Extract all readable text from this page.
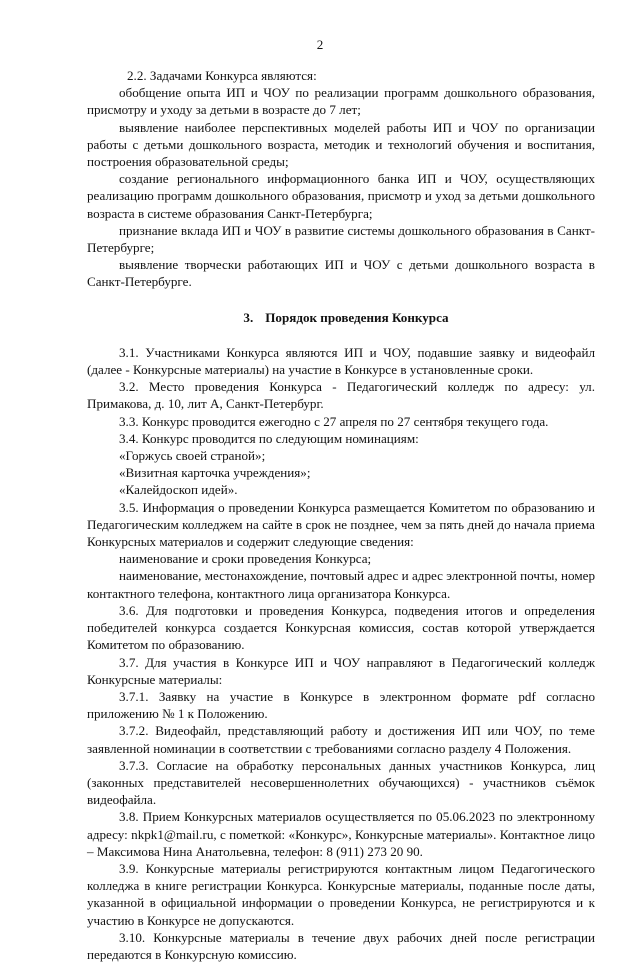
2

2.2. Задачами Конкурса являются:

обобщение опыта ИП и ЧОУ по реализации программ дошкольного образования, присмотру и уходу за детьми в возрасте до 7 лет;

выявление наиболее перспективных моделей работы ИП и ЧОУ по организации работы с детьми дошкольного возраста, методик и технологий обучения и воспитания, построения образовательной среды;

создание регионального информационного банка ИП и ЧОУ, осуществляющих реализацию программ дошкольного образования, присмотр и уход за детьми дошкольного возраста в системе образования Санкт-Петербурга;

признание вклада ИП и ЧОУ в развитие системы дошкольного образования в Санкт-Петербурге;

выявление творчески работающих ИП и ЧОУ с детьми дошкольного возраста в Санкт-Петербурге.

3. Порядок проведения Конкурса

3.1. Участниками Конкурса являются ИП и ЧОУ, подавшие заявку и видеофайл (далее - Конкурсные материалы) на участие в Конкурсе в установленные сроки.

3.2. Место проведения Конкурса - Педагогический колледж по адресу: ул. Примакова, д. 10, лит А, Санкт-Петербург.

3.3. Конкурс проводится ежегодно с 27 апреля по 27 сентября текущего года.

3.4. Конкурс проводится по следующим номинациям:

«Горжусь своей страной»;

«Визитная карточка учреждения»;

«Калейдоскоп идей».

3.5. Информация о проведении Конкурса размещается Комитетом по образованию и Педагогическим колледжем на сайте в срок не позднее, чем за пять дней до начала приема Конкурсных материалов и содержит следующие сведения:

наименование и сроки проведения Конкурса;

наименование, местонахождение, почтовый адрес и адрес электронной почты, номер контактного телефона, контактного лица организатора Конкурса.

3.6. Для подготовки и проведения Конкурса, подведения итогов и определения победителей конкурса создается Конкурсная комиссия, состав которой утверждается Комитетом по образованию.

3.7. Для участия в Конкурсе ИП и ЧОУ направляют в Педагогический колледж Конкурсные материалы:

3.7.1. Заявку на участие в Конкурсе в электронном формате pdf согласно приложению № 1 к Положению.

3.7.2. Видеофайл, представляющий работу и достижения ИП или ЧОУ, по теме заявленной номинации в соответствии с требованиями согласно разделу 4 Положения.

3.7.3. Согласие на обработку персональных данных участников Конкурса, лиц (законных представителей несовершеннолетних обучающихся) - участников съёмок видеофайла.

3.8. Прием Конкурсных материалов осуществляется по 05.06.2023 по электронному адресу: nkpk1@mail.ru, с пометкой: «Конкурс», Конкурсные материалы». Контактное лицо – Максимова Нина Анатольевна, телефон: 8 (911) 273 20 90.

3.9. Конкурсные материалы регистрируются контактным лицом Педагогического колледжа в книге регистрации Конкурса. Конкурсные материалы, поданные после даты, указанной в официальной информации о проведении Конкурса, не регистрируются и к участию в Конкурсе не допускаются.

3.10. Конкурсные материалы в течение двух рабочих дней после регистрации передаются в Конкурсную комиссию.
